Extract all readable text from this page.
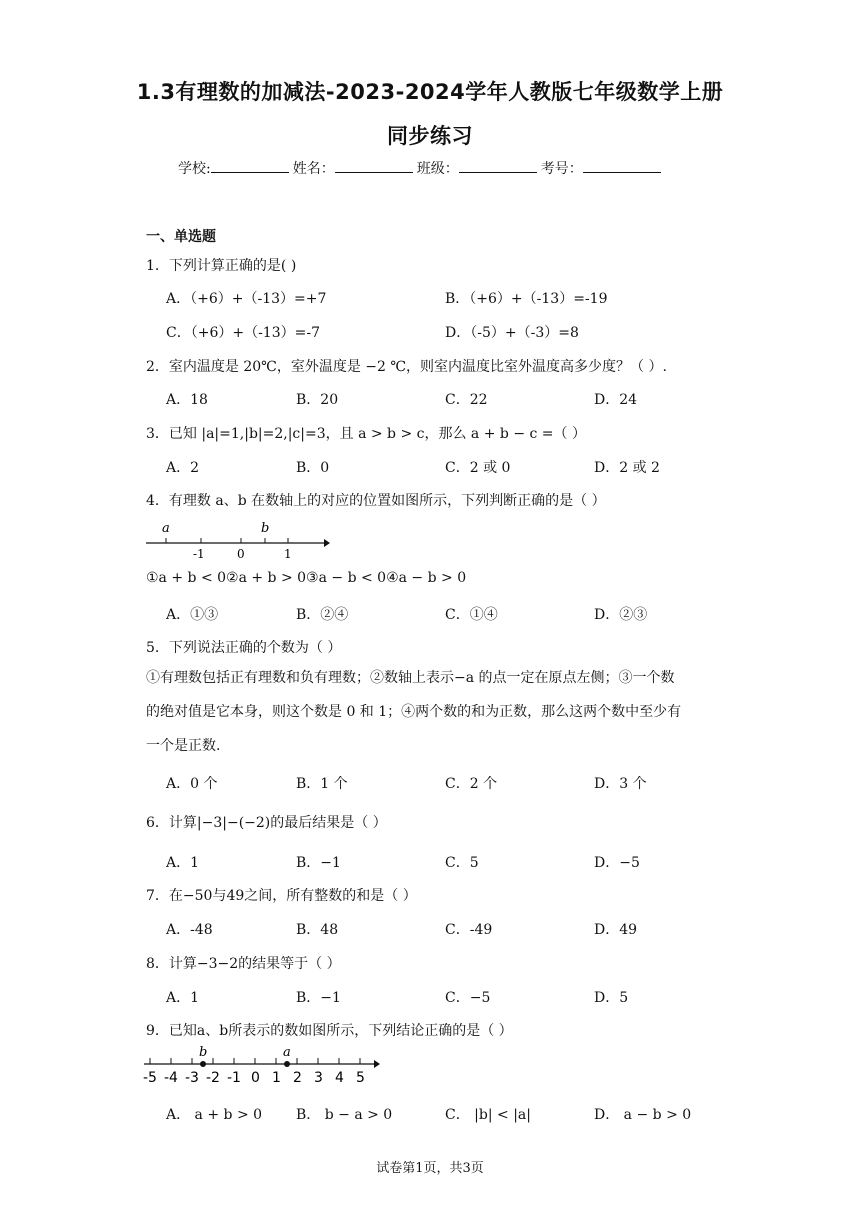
1.3有理数的加减法-2023-2024学年人教版七年级数学上册
同步练习
学校:	姓名：	班级：	考号：
一、单选题
1．下列计算正确的是( )
A．（+6）+（-13）=+7	B．（+6）+（-13）=-19
C．（+6）+（-13）=-7	D．（-5）+（-3）=8
2．室内温度是 20℃，室外温度是 −2 ℃，则室内温度比室外温度高多少度？（ ）.
A．18	B．20	C．22	D．24
3．已知 |a|=1,|b|=2,|c|=3，且 a > b > c，那么 a + b − c =（ ）
A．2	B．0	C．2 或 0	D．2 或 2
4．有理数 a、b 在数轴上的对应的位置如图所示，下列判断正确的是（ ）
a	b
-1	0	1
①a + b < 0②a + b > 0③a − b < 0④a − b > 0
A．①③	B．②④	C．①④	D．②③
5．下列说法正确的个数为（ ）
①有理数包括正有理数和负有理数；②数轴上表示−a 的点一定在原点左侧；③一个数
的绝对值是它本身，则这个数是 0 和 1；④两个数的和为正数，那么这两个数中至少有
一个是正数.
A．0 个	B．1 个	C．2 个	D．3 个
6．计算|−3|−(−2)的最后结果是（ ）
A．1	B．−1	C．5	D．−5
7．在−50与49之间，所有整数的和是（ ）
A．-48	B．48	C．-49	D．49
8．计算−3−2的结果等于（ ）
A．1	B．−1	C．−5	D．5
9．已知a、b所表示的数如图所示，下列结论正确的是（ ）
b	a
-5 -4 -3 -2 -1 0 1 2 3 4 5
A． a + b > 0 B． b − a > 0	C． |b| < |a|	D． a − b > 0
试卷第1页，共3页
